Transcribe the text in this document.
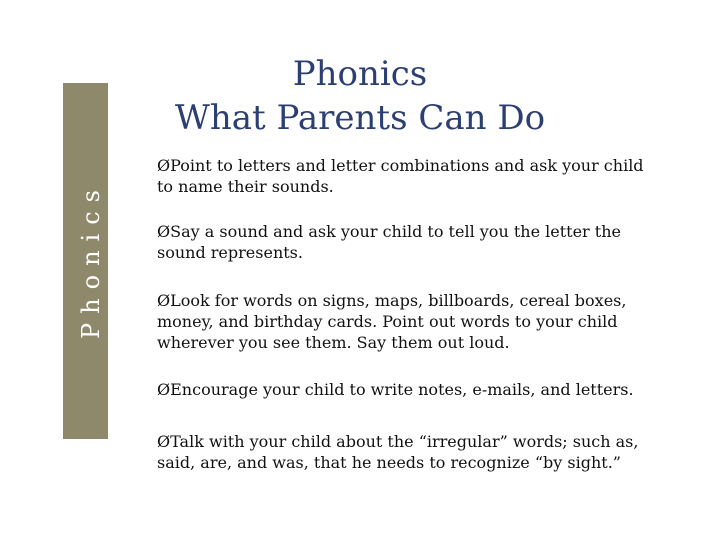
Phonics
Phonics
What Parents Can Do
ØPoint to letters and letter combinations and ask your child
to name their sounds.
ØSay a sound and ask your child to tell you the letter the
sound represents.
ØLook for words on signs, maps, billboards, cereal boxes,
money, and birthday cards. Point out words to your child
wherever you see them. Say them out loud.
ØEncourage your child to write notes, e-mails, and letters.
ØTalk with your child about the “irregular” words; such as,
said, are, and was, that he needs to recognize “by sight.”
